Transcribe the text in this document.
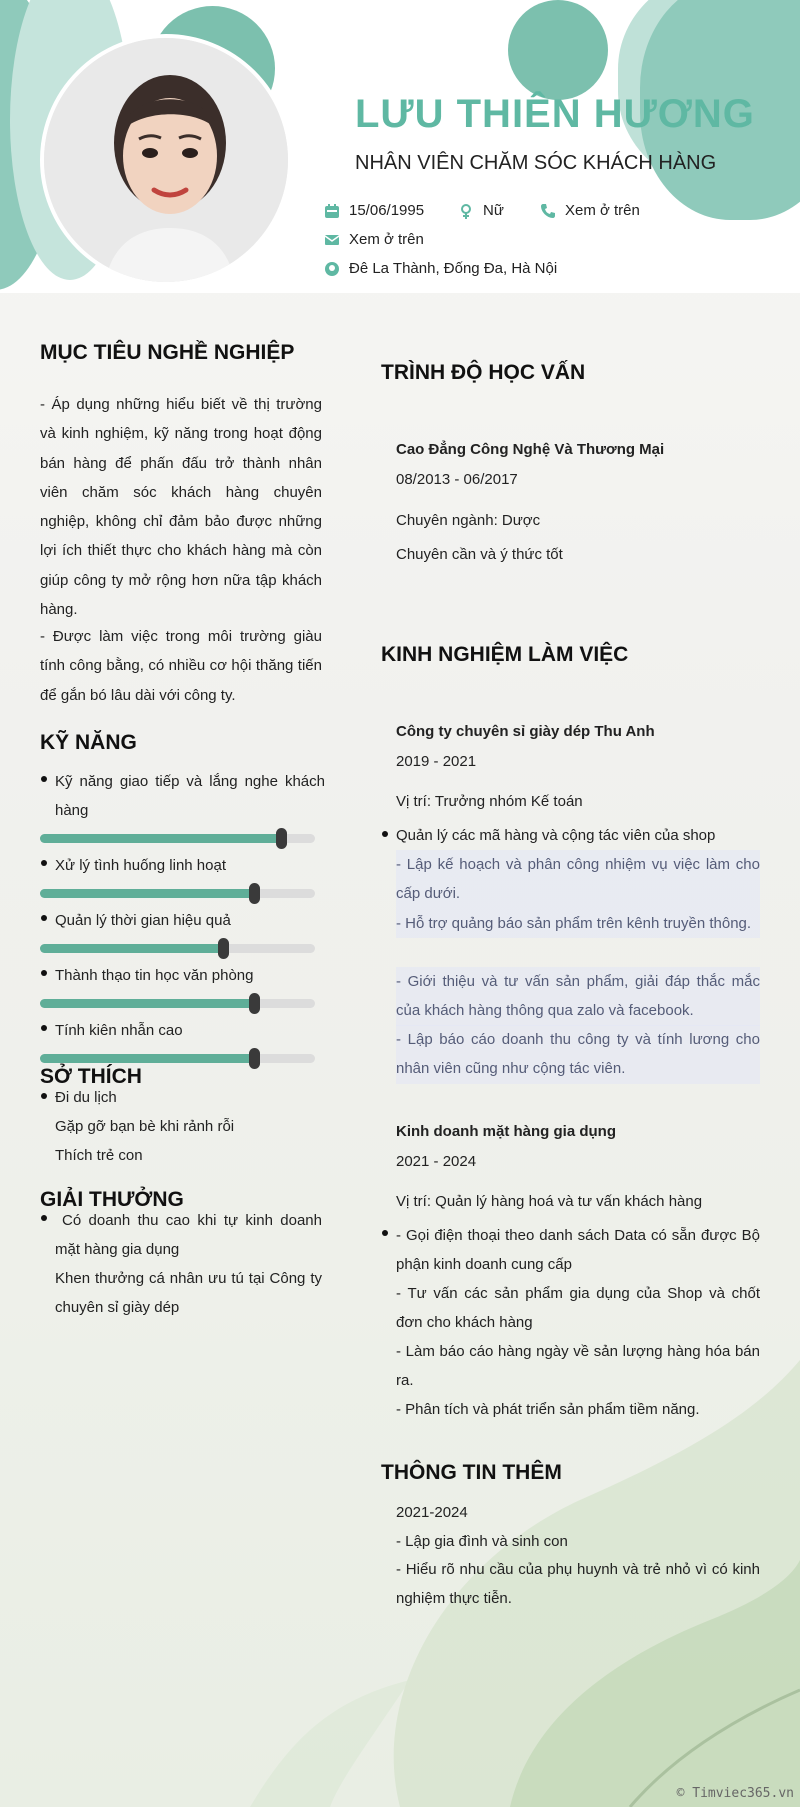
LƯU THIÊN HƯƠNG
NHÂN VIÊN CHĂM SÓC KHÁCH HÀNG
15/06/1995	Nữ	Xem ở trên
Xem ở trên
Đê La Thành, Đống Đa, Hà Nội
MỤC TIÊU NGHỀ NGHIỆP
- Áp dụng những hiểu biết về thị trường và kinh nghiệm, kỹ năng trong hoạt động bán hàng để phấn đấu trở thành nhân viên chăm sóc khách hàng chuyên nghiệp, không chỉ đảm bảo được những lợi ích thiết thực cho khách hàng mà còn giúp công ty mở rộng hơn nữa tập khách hàng.
- Được làm việc trong môi trường giàu tính công bằng, có nhiều cơ hội thăng tiến để gắn bó lâu dài với công ty.
KỸ NĂNG
Kỹ năng giao tiếp và lắng nghe khách hàng
Xử lý tình huống linh hoạt
Quản lý thời gian hiệu quả
Thành thạo tin học văn phòng
Tính kiên nhẫn cao
SỞ THÍCH
Đi du lịch
Gặp gỡ bạn bè khi rảnh rỗi
Thích trẻ con
GIẢI THƯỞNG
Có doanh thu cao khi tự kinh doanh mặt hàng gia dụng
Khen thưởng cá nhân ưu tú tại Công ty chuyên sỉ giày dép
TRÌNH ĐỘ HỌC VẤN
Cao Đẳng Công Nghệ Và Thương Mại
08/2013 - 06/2017
Chuyên ngành: Dược
Chuyên cần và ý thức tốt
KINH NGHIỆM LÀM VIỆC
Công ty chuyên sỉ giày dép Thu Anh
2019 - 2021
Vị trí: Trưởng nhóm Kế toán
Quản lý các mã hàng và cộng tác viên của shop
- Lập kế hoạch và phân công nhiệm vụ việc làm cho cấp dưới.
- Hỗ trợ quảng báo sản phẩm trên kênh truyền thông.
- Giới thiệu và tư vấn sản phẩm, giải đáp thắc mắc của khách hàng thông qua zalo và facebook.
- Lập báo cáo doanh thu công ty và tính lương cho nhân viên cũng như cộng tác viên.
Kinh doanh mặt hàng gia dụng
2021 - 2024
Vị trí: Quản lý hàng hoá và tư vấn khách hàng
- Gọi điện thoại theo danh sách Data có sẵn được Bộ phận kinh doanh cung cấp
- Tư vấn các sản phẩm gia dụng của Shop và chốt đơn cho khách hàng
- Làm báo cáo hàng ngày về sản lượng hàng hóa bán ra.
- Phân tích và phát triển sản phẩm tiềm năng.
THÔNG TIN THÊM
2021-2024
- Lập gia đình và sinh con
- Hiểu rõ nhu cầu của phụ huynh và trẻ nhỏ vì có kinh nghiệm thực tiễn.
© Timviec365.vn
